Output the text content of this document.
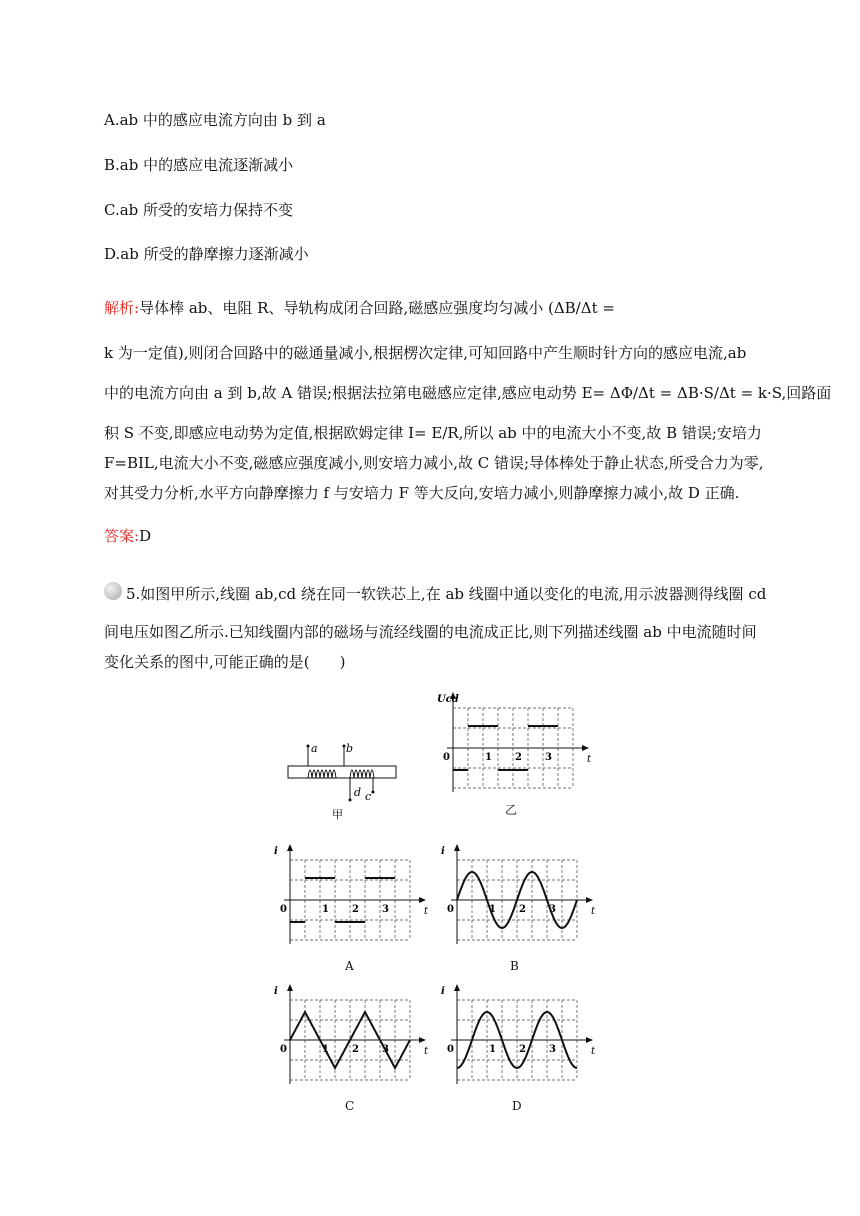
A.ab 中的感应电流方向由 b 到 a
B.ab 中的感应电流逐渐减小
C.ab 所受的安培力保持不变
D.ab 所受的静摩擦力逐渐减小
解析:导体棒 ab、电阻 R、导轨构成闭合回路,磁感应强度均匀减小 (ΔB/Δt =
k 为一定值),则闭合回路中的磁通量减小,根据楞次定律,可知回路中产生顺时针方向的感应电流,ab
中的电流方向由 a 到 b,故 A 错误;根据法拉第电磁感应定律,感应电动势 E= ΔΦ/Δt = ΔB·S/Δt = k·S,回路面
积 S 不变,即感应电动势为定值,根据欧姆定律 I= E/R,所以 ab 中的电流大小不变,故 B 错误;安培力
F=BIL,电流大小不变,磁感应强度减小,则安培力减小,故 C 错误;导体棒处于静止状态,所受合力为零,
对其受力分析,水平方向静摩擦力 f 与安培力 F 等大反向,安培力减小,则静摩擦力减小,故 D 正确.
答案:D
5.如图甲所示,线圈 ab,cd 绕在同一软铁芯上,在 ab 线圈中通以变化的电流,用示波器测得线圈 cd
间电压如图乙所示.已知线圈内部的磁场与流经线圈的电流成正比,则下列描述线圈 ab 中电流随时间
变化关系的图中,可能正确的是(　　)
a	b
c
d
甲
Ucd
t
0	1 2 3
i
t
0	1 2 3
i
t
0	1 2 3
i
t
0	1 2 3
i
t
0	1 2 3
乙
A	B
C	D
